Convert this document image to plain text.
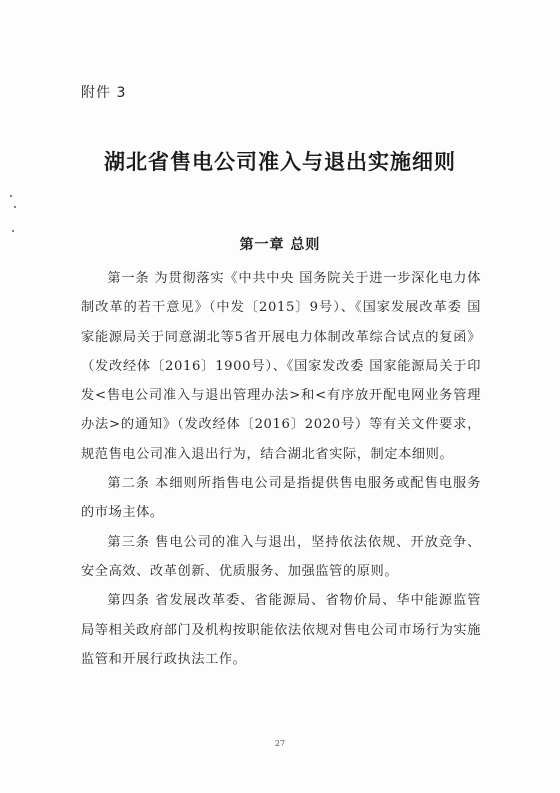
附件 3
湖北省售电公司准入与退出实施细则
第一章 总则

第一条 为贯彻落实《中共中央 国务院关于进一步深化电力体制改革的若干意见》（中发〔2015〕9号）、《国家发展改革委 国家能源局关于同意湖北等5省开展电力体制改革综合试点的复函》（发改经体〔2016〕1900号）、《国家发改委 国家能源局关于印发<售电公司准入与退出管理办法>和<有序放开配电网业务管理办法>的通知》（发改经体〔2016〕2020号）等有关文件要求，规范售电公司准入退出行为，结合湖北省实际，制定本细则。

第二条 本细则所指售电公司是指提供售电服务或配售电服务的市场主体。

第三条 售电公司的准入与退出，坚持依法依规、开放竞争、安全高效、改革创新、优质服务、加强监管的原则。

第四条 省发展改革委、省能源局、省物价局、华中能源监管局等相关政府部门及机构按职能依法依规对售电公司市场行为实施监管和开展行政执法工作。

27
